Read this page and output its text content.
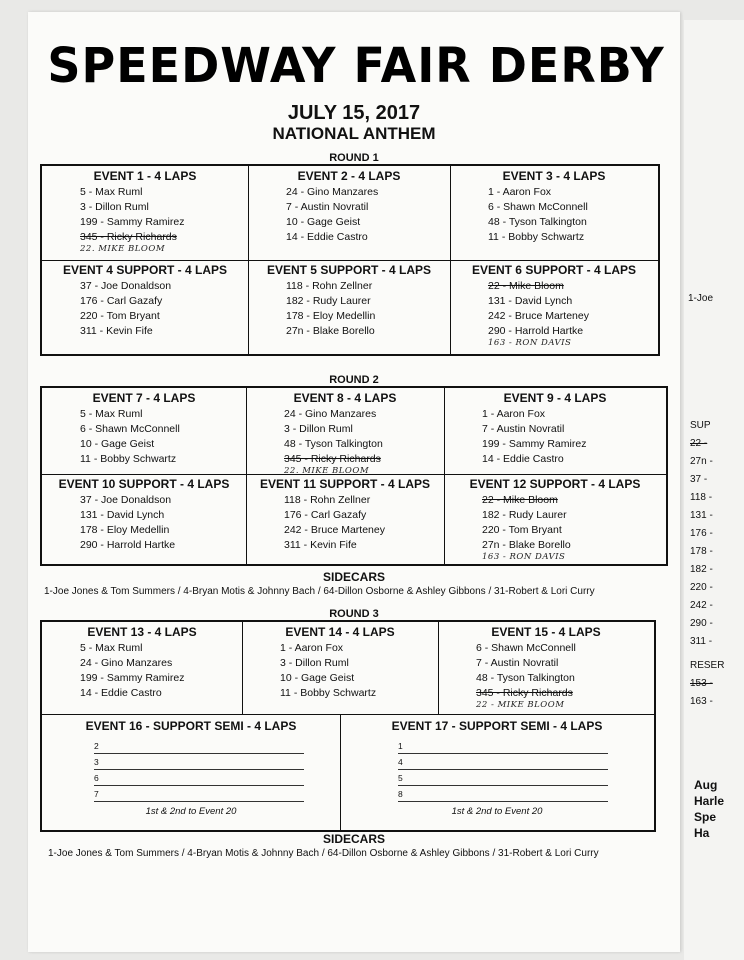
SPEEDWAY FAIR DERBY
JULY 15, 2017
NATIONAL ANTHEM
ROUND 1
EVENT 1 - 4 LAPS
5 - Max Ruml
3 - Dillon Ruml
199 - Sammy Ramirez
345 - Ricky Richards
22. MIKE BLOOM
EVENT 2 - 4 LAPS
24 - Gino Manzares
7 - Austin Novratil
10 - Gage Geist
14 - Eddie Castro
EVENT 3 - 4 LAPS
1 - Aaron Fox
6 - Shawn McConnell
48 - Tyson Talkington
11 - Bobby Schwartz
EVENT 4 SUPPORT - 4 LAPS
37 - Joe Donaldson
176 - Carl Gazafy
220 - Tom Bryant
311 - Kevin Fife
EVENT 5 SUPPORT - 4 LAPS
118 - Rohn Zellner
182 - Rudy Laurer
178 - Eloy Medellin
27n - Blake Borello
EVENT 6 SUPPORT - 4 LAPS
22 - Mike Bloom
131 - David Lynch
242 - Bruce Marteney
290 - Harrold Hartke
163 - RON DAVIS
ROUND 2
EVENT 7 - 4 LAPS
5 - Max Ruml
6 - Shawn McConnell
10 - Gage Geist
11 - Bobby Schwartz
EVENT 8 - 4 LAPS
24 - Gino Manzares
3 - Dillon Ruml
48 - Tyson Talkington
345 - Ricky Richards
22. MIKE BLOOM
EVENT 9 - 4 LAPS
1 - Aaron Fox
7 - Austin Novratil
199 - Sammy Ramirez
14 - Eddie Castro
EVENT 10 SUPPORT - 4 LAPS
37 - Joe Donaldson
131 - David Lynch
178 - Eloy Medellin
290 - Harrold Hartke
EVENT 11 SUPPORT - 4 LAPS
118 - Rohn Zellner
176 - Carl Gazafy
242 - Bruce Marteney
311 - Kevin Fife
EVENT 12 SUPPORT - 4 LAPS
22 - Mike Bloom
182 - Rudy Laurer
220 - Tom Bryant
27n - Blake Borello
163 - RON DAVIS
SIDECARS
1-Joe Jones & Tom Summers / 4-Bryan Motis & Johnny Bach / 64-Dillon Osborne & Ashley Gibbons / 31-Robert & Lori Curry
ROUND 3
EVENT 13 - 4 LAPS
5 - Max Ruml
24 - Gino Manzares
199 - Sammy Ramirez
14 - Eddie Castro
EVENT 14 - 4 LAPS
1 - Aaron Fox
3 - Dillon Ruml
10 - Gage Geist
11 - Bobby Schwartz
EVENT 15 - 4 LAPS
6 - Shawn McConnell
7 - Austin Novratil
48 - Tyson Talkington
345 - Ricky Richards
22 - MIKE BLOOM
EVENT 16 - SUPPORT SEMI - 4 LAPS
2
3
6
7
1st & 2nd to Event 20
EVENT 17 - SUPPORT SEMI - 4 LAPS
1
4
5
8
1st & 2nd to Event 20
SIDECARS
1-Joe Jones & Tom Summers / 4-Bryan Motis & Johnny Bach / 64-Dillon Osborne & Ashley Gibbons / 31-Robert & Lori Curry
1-Joe
SUP
22 -
27n -
37 -
118 -
131 -
176 -
178 -
182 -
220 -
242 -
290 -
311 -
RESER
153 -
163 -
Aug
Harle
Spe
Ha
